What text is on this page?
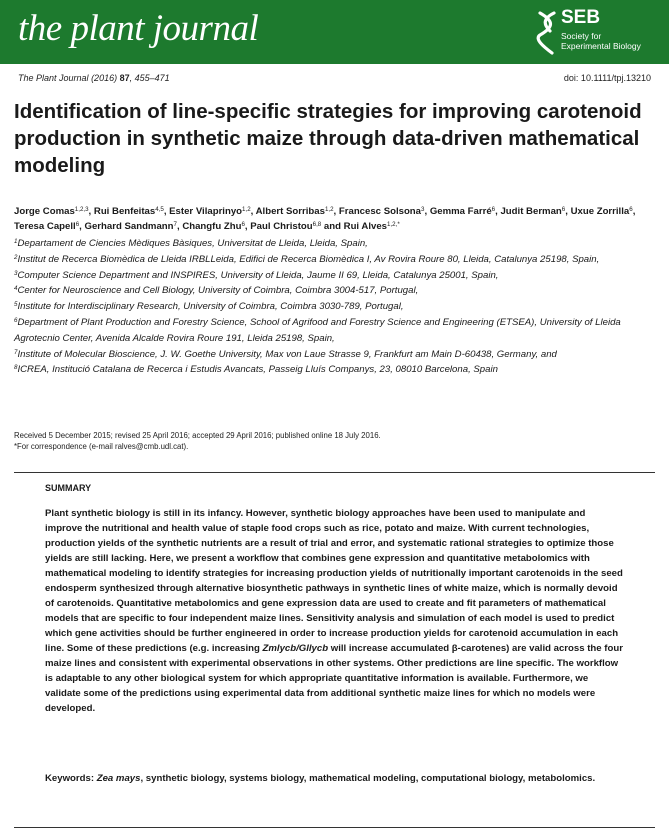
the plant journal	SEB
Society for
Experimental Biology
The Plant Journal (2016) 87, 455–471	doi: 10.1111/tpj.13210
Identification of line-specific strategies for improving carotenoid production in synthetic maize through data-driven mathematical modeling
Jorge Comas$^{1,2,3}$, Rui Benfeitas$^{4,5}$, Ester Vilaprinyo$^{1,2}$, Albert Sorribas$^{1,2}$, Francesc Solsona$^3$, Gemma Farré$^6$, Judit Berman$^6$, Uxue Zorrilla$^6$, Teresa Capell$^6$, Gerhard Sandmann$^7$, Changfu Zhu$^6$, Paul Christou$^{6,8}$ and Rui Alves$^{1,2,*}$
$^1$Departament de Ciencies Mèdiques Bàsiques, Universitat de Lleida, Lleida, Spain,
$^2$Institut de Recerca Biomèdica de Lleida IRBLLeida, Edifici de Recerca Biomèdica I, Av Rovira Roure 80, Lleida, Catalunya 25198, Spain,
$^3$Computer Science Department and INSPIRES, University of Lleida, Jaume II 69, Lleida, Catalunya 25001, Spain,
$^4$Center for Neuroscience and Cell Biology, University of Coimbra, Coimbra 3004-517, Portugal,
$^5$Institute for Interdisciplinary Research, University of Coimbra, Coimbra 3030-789, Portugal,
$^6$Department of Plant Production and Forestry Science, School of Agrifood and Forestry Science and Engineering (ETSEA), University of Lleida Agrotecnio Center, Avenida Alcalde Rovira Roure 191, Lleida 25198, Spain,
$^7$Institute of Molecular Bioscience, J. W. Goethe University, Max von Laue Strasse 9, Frankfurt am Main D-60438, Germany, and
$^8$ICREA, Institució Catalana de Recerca i Estudis Avancats, Passeig Lluís Companys, 23, 08010 Barcelona, Spain
Received 5 December 2015; revised 25 April 2016; accepted 29 April 2016; published online 18 July 2016.
*For correspondence (e-mail ralves@cmb.udl.cat).
SUMMARY
Plant synthetic biology is still in its infancy. However, synthetic biology approaches have been used to manipulate and improve the nutritional and health value of staple food crops such as rice, potato and maize. With current technologies, production yields of the synthetic nutrients are a result of trial and error, and systematic rational strategies to optimize those yields are still lacking. Here, we present a workflow that combines gene expression and quantitative metabolomics with mathematical modeling to identify strategies for increasing production yields of nutritionally important carotenoids in the seed endosperm synthesized through alternative biosynthetic pathways in synthetic lines of white maize, which is normally devoid of carotenoids. Quantitative metabolomics and gene expression data are used to create and fit parameters of mathematical models that are specific to four independent maize lines. Sensitivity analysis and simulation of each model is used to predict which gene activities should be further engineered in order to increase production yields for carotenoid accumulation in each line. Some of these predictions (e.g. increasing Zmlycb/Gllycb will increase accumulated β-carotenes) are valid across the four maize lines and consistent with experimental observations in other systems. Other predictions are line specific. The workflow is adaptable to any other biological system for which appropriate quantitative information is available. Furthermore, we validate some of the predictions using experimental data from additional synthetic maize lines for which no models were developed.
Keywords: Zea mays, synthetic biology, systems biology, mathematical modeling, computational biology, metabolomics.
